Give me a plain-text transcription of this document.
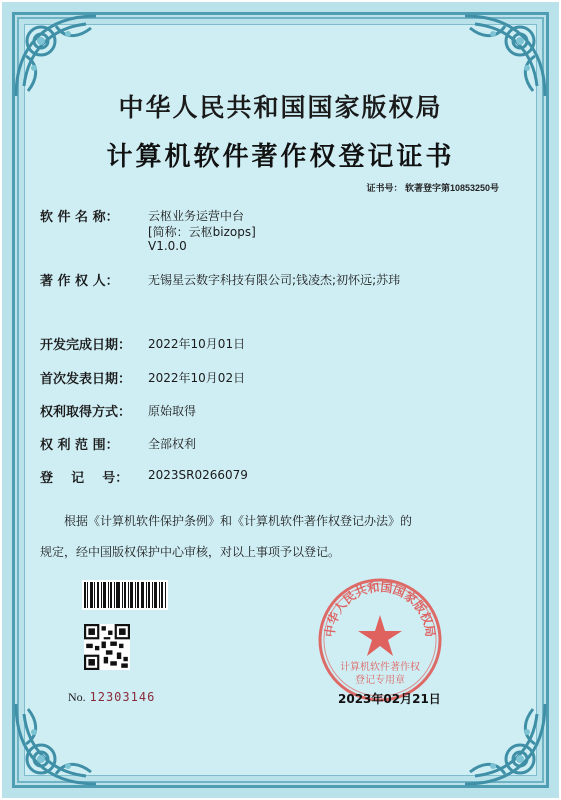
中华人民共和国国家版权局
计算机软件著作权登记证书
证书号： 软著登字第10853250号
软 件 名 称： 云枢业务运营中台
[简称：云枢bizops]
V1.0.0
著 作 权 人： 无锡星云数字科技有限公司;钱凌杰;初怀远;苏玮
开发完成日期： 2022年10月01日
首次发表日期： 2022年10月02日
权利取得方式： 原始取得
权 利 范 围： 全部权利
登    记    号： 2023SR0266079
根据《计算机软件保护条例》和《计算机软件著作权登记办法》的
规定，经中国版权保护中心审核，对以上事项予以登记。
No. 12303146
中华人民共和国国家版权局
计算机软件著作权
登记专用章
2023年02月21日
